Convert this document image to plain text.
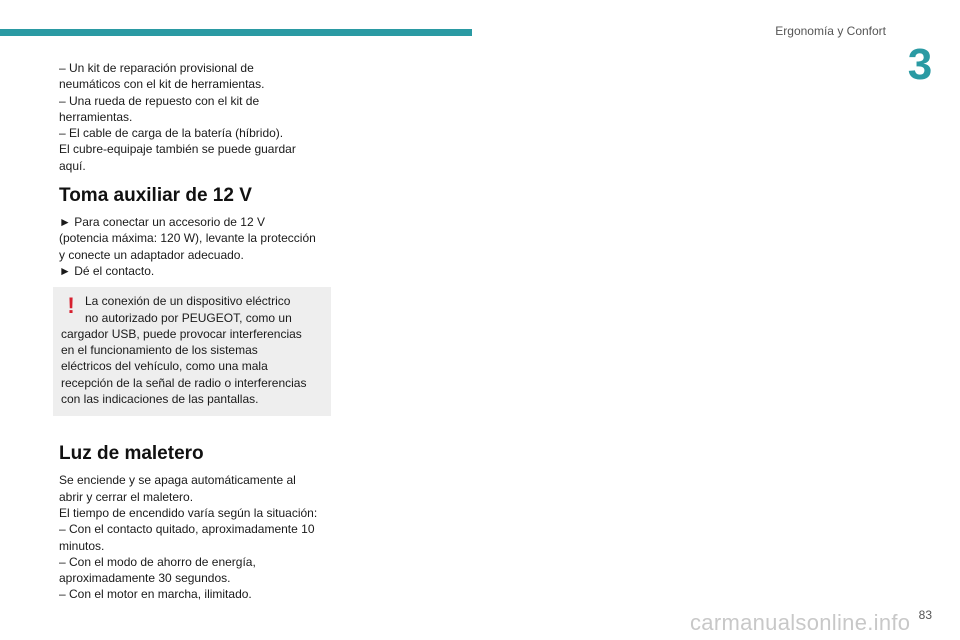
Ergonomía y Confort
3

– Un kit de reparación provisional de

neumáticos con el kit de herramientas.

– Una rueda de repuesto con el kit de

herramientas.

– El cable de carga de la batería (híbrido).

El cubre-equipaje también se puede guardar

aquí.

Toma auxiliar de 12 V

► Para conectar un accesorio de 12 V

(potencia máxima: 120 W), levante la protección

y conecte un adaptador adecuado.

► Dé el contacto.

! La conexión de un dispositivo eléctrico

no autorizado por PEUGEOT, como un

cargador USB, puede provocar interferencias

en el funcionamiento de los sistemas

eléctricos del vehículo, como una mala

recepción de la señal de radio o interferencias

con las indicaciones de las pantallas.

Luz de maletero

Se enciende y se apaga automáticamente al

abrir y cerrar el maletero.

El tiempo de encendido varía según la situación:

– Con el contacto quitado, aproximadamente 10

minutos.

– Con el modo de ahorro de energía,

aproximadamente 30 segundos.

– Con el motor en marcha, ilimitado.

carmanualsonline.info 83
